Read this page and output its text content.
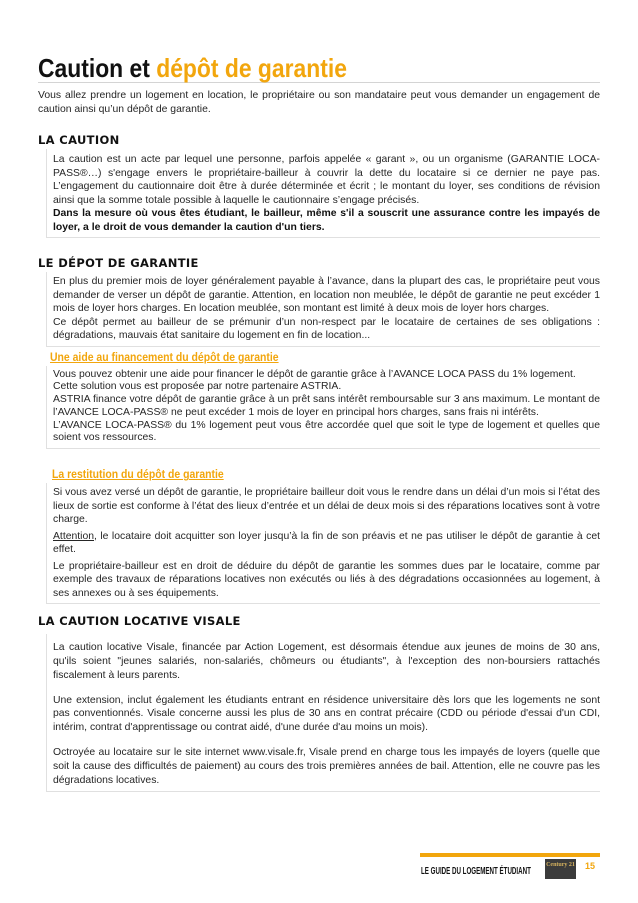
Caution et dépôt de garantie

Vous allez prendre un logement en location, le propriétaire ou son mandataire peut vous demander un engagement de caution ainsi qu’un dépôt de garantie.

LA CAUTION

La caution est un acte par lequel une personne, parfois appelée « garant », ou un organisme (GARANTIE LOCA-PASS®…) s'engage envers le propriétaire-bailleur à couvrir la dette du locataire si ce dernier ne paye pas. L’engagement du cautionnaire doit être à durée déterminée et écrit ; le montant du loyer, ses conditions de révision ainsi que la somme totale possible à laquelle le cautionnaire s’engage précisés.

Dans la mesure où vous êtes étudiant, le bailleur, même s'il a souscrit une assurance contre les impayés de loyer, a le droit de vous demander la caution d'un tiers.

LE DÉPOT DE GARANTIE

En plus du premier mois de loyer généralement payable à l’avance, dans la plupart des cas, le propriétaire peut vous demander de verser un dépôt de garantie. Attention, en location non meublée, le dépôt de garantie ne peut excéder 1 mois de loyer hors charges. En location meublée, son montant est limité à deux mois de loyer hors charges.

Ce dépôt permet au bailleur de se prémunir d’un non-respect par le locataire de certaines de ses obligations : dégradations, mauvais état sanitaire du logement en fin de location...

Une aide au financement du dépôt de garantie

Vous pouvez obtenir une aide pour financer le dépôt de garantie grâce à l’AVANCE LOCA PASS du 1% logement.

Cette solution vous est proposée par notre partenaire ASTRIA.

ASTRIA finance votre dépôt de garantie grâce à un prêt sans intérêt remboursable sur 3 ans maximum. Le montant de l’AVANCE LOCA-PASS® ne peut excéder 1 mois de loyer en principal hors charges, sans frais ni intérêts.

L’AVANCE LOCA-PASS® du 1% logement peut vous être accordée quel que soit le type de logement et quelles que soient vos ressources.

La restitution du dépôt de garantie

Si vous avez versé un dépôt de garantie, le propriétaire bailleur doit vous le rendre dans un délai d’un mois si l’état des lieux de sortie est conforme à l’état des lieux d’entrée et un délai de deux mois si des réparations locatives sont à votre charge.

Attention, le locataire doit acquitter son loyer jusqu’à la fin de son préavis et ne pas utiliser le dépôt de garantie à cet effet.

Le propriétaire-bailleur est en droit de déduire du dépôt de garantie les sommes dues par le locataire, comme par exemple des travaux de réparations locatives non exécutés ou liés à des dégradations occasionnées au logement, à ses annexes ou à ses équipements.

LA CAUTION LOCATIVE VISALE

La caution locative Visale, financée par Action Logement, est désormais étendue aux jeunes de moins de 30 ans, qu'ils soient "jeunes salariés, non-salariés, chômeurs ou étudiants", à l'exception des non-boursiers rattachés fiscalement à leurs parents.

Une extension, inclut également les étudiants entrant en résidence universitaire dès lors que les logements ne sont pas conventionnés. Visale concerne aussi les plus de 30 ans en contrat précaire (CDD ou période d'essai d'un CDI, intérim, contrat d'apprentissage ou contrat aidé, d'une durée d'au moins un mois).

Octroyée au locataire sur le site internet www.visale.fr, Visale prend en charge tous les impayés de loyers (quelle que soit la cause des difficultés de paiement) au cours des trois premières années de bail. Attention, elle ne couvre pas les dégradations locatives.

LE GUIDE DU LOGEMENT ÉTUDIANT
Century 21 15
